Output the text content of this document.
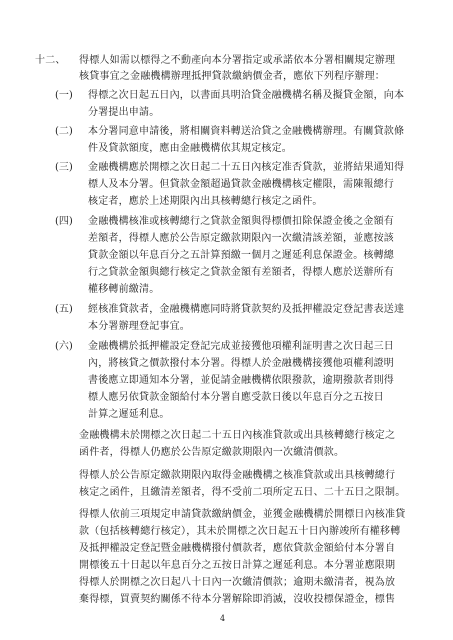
十二、 得標人如需以標得之不動產向本分署指定或承諾依本分署相關規定辦理
核貸事宜之金融機構辦理抵押貸款繳納價金者，應依下列程序辦理：
(一) 得標之次日起五日內，以書面具明洽貸金融機構名稱及擬貸金額，向本
分署提出申請。
(二) 本分署同意申請後，將相關資料轉送洽貸之金融機構辦理。有關貸款條
件及貸款額度，應由金融機構依其規定核定。
(三) 金融機構應於開標之次日起二十五日內核定准否貸款，並將結果通知得
標人及本分署。但貸款金額超過貸款金融機構核定權限，需陳報總行
核定者，應於上述期限內出具核轉總行核定之函件。
(四) 金融機構核准或核轉總行之貸款金額與得標價扣除保證金後之金額有
差額者，得標人應於公告原定繳款期限內一次繳清該差額，並應按該
貸款金額以年息百分之五計算預繳一個月之遲延利息保證金。核轉總
行之貸款金額與總行核定之貸款金額有差額者，得標人應於送辦所有
權移轉前繳清。
(五) 經核准貸款者，金融機構應同時將貸款契約及抵押權設定登記書表送達
本分署辦理登記事宜。
(六) 金融機構於抵押權設定登記完成並接獲他項權利証明書之次日起三日
內，將核貸之價款撥付本分署。得標人於金融機構接獲他項權利證明
書後應立即通知本分署，並促請金融機構依限撥款，逾期撥款者則得
標人應另依貸款金額給付本分署自應受款日後以年息百分之五按日
計算之遲延利息。
金融機構未於開標之次日起二十五日內核准貸款或出具核轉總行核定之
函件者，得標人仍應於公告原定繳款期限內一次繳清價款。
得標人於公告原定繳款期限內取得金融機構之核准貸款或出具核轉總行
核定之函件，且繳清差額者，得不受前二項所定五日、二十五日之限制。
得標人依前三項規定申請貸款繳納價金，並獲金融機構於開標日內核准貸
款（包括核轉總行核定），其未於開標之次日起五十日內辦竣所有權移轉
及抵押權設定登記暨金融機構撥付價款者，應依貸款金額給付本分署自
開標後五十日起以年息百分之五按日計算之遲延利息。本分署並應限期
得標人於開標之次日起八十日內一次繳清價款；逾期未繳清者，視為放
棄得標，買賣契約關係不待本分署解除即消滅，沒收投標保證金，標售
4
